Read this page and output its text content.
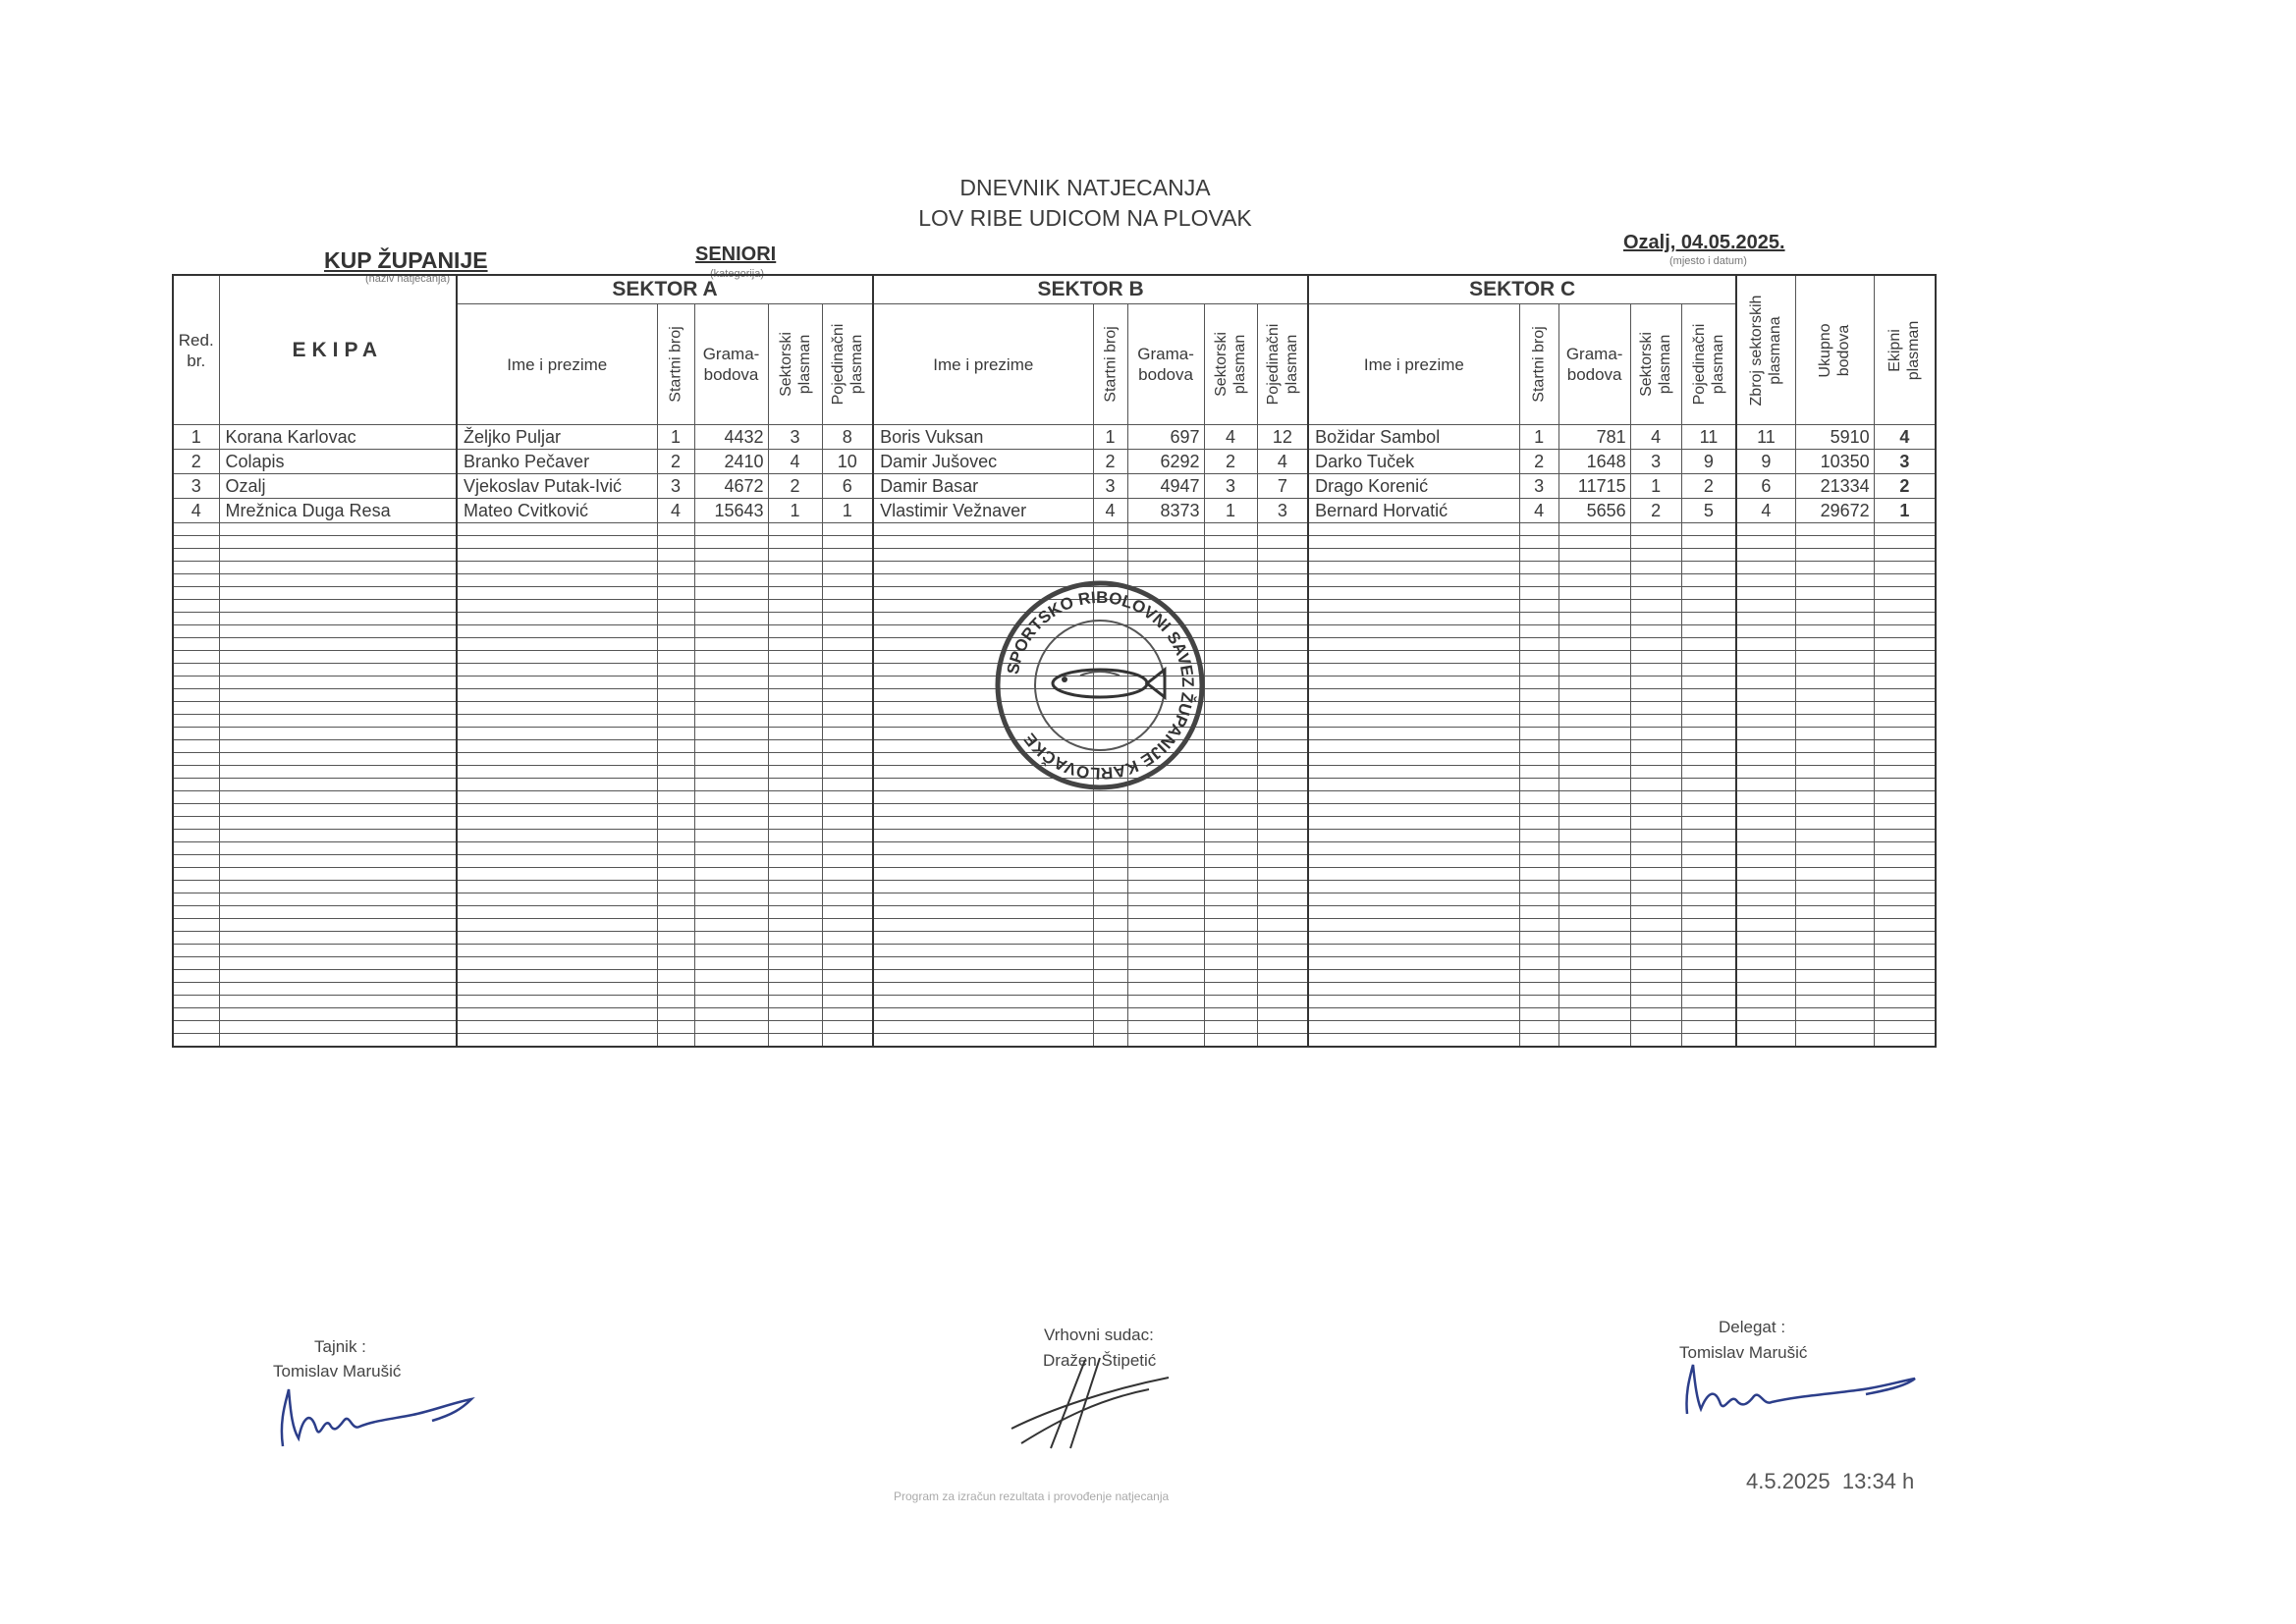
DNEVNIK NATJECANJA
LOV RIBE UDICOM NA PLOVAK
KUP ŽUPANIJE
(naziv natjecanja)
SENIORI
(kategorija)
Ozalj, 04.05.2025.
(mjesto i datum)
Red. br.	EKIPA	SEKTOR A					SEKTOR B					SEKTOR C					Zbroj sektorskih plasmana	Ukupno bodova	Ekipni plasman

		Ime i prezime	Startni broj	Grama-bodova	Sektorski plasman	Pojedinačni plasman	Ime i prezime	Startni broj	Grama-bodova	Sektorski plasman	Pojedinačni plasman	Ime i prezime	Startni broj	Grama-bodova	Sektorski plasman	Pojedinačni plasman			

1	Korana Karlovac	Željko Puljar	1	4432	3	8	Boris Vuksan	1	697	4	12	Božidar Sambol	1	781	4	11	11	5910	4
2	Colapis	Branko Pečaver	2	2410	4	10	Damir Jušovec	2	6292	2	4	Darko Tuček	2	1648	3	9	9	10350	3
3	Ozalj	Vjekoslav Putak-Ivić	3	4672	2	6	Damir Basar	3	4947	3	7	Drago Korenić	3	11715	1	2	6	21334	2
4	Mrežnica Duga Resa	Mateo Cvitković	4	15643	1	1	Vlastimir Vežnaver	4	8373	1	3	Bernard Horvatić	4	5656	2	5	4	29672	1

SPORTSKO RIBOLOVNI SAVEZ ŽUPANIJE KARLOVAČKE
Tajnik :
Tomislav Marušić
Vrhovni sudac:
Dražen Štipetić
Delegat :
Tomislav Marušić
Program za izračun rezultata i provođenje natjecanja
4.5.2025  13:34 h
